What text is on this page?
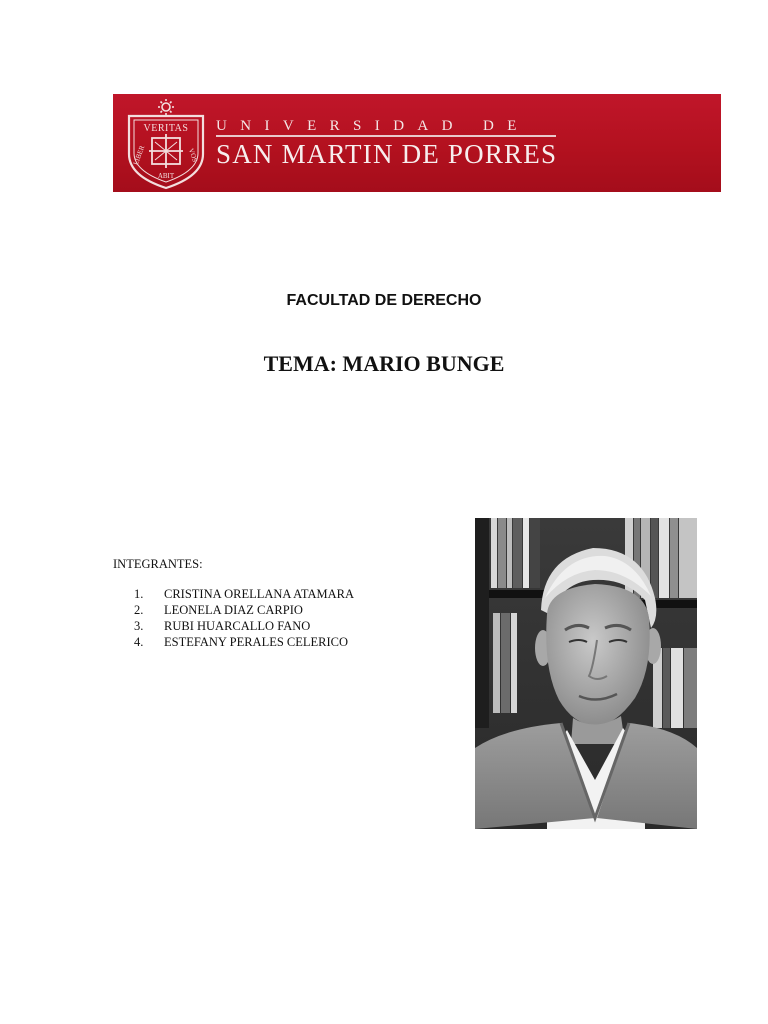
VERITAS
LIBER	VOS
ABIT
UNIVERSIDAD DE
SAN MARTIN DE PORRES
FACULTAD DE DERECHO
TEMA: MARIO BUNGE
INTEGRANTES:
1.	CRISTINA ORELLANA ATAMARA
2.	LEONELA DIAZ CARPIO
3.	RUBI HUARCALLO FANO
4.	ESTEFANY PERALES CELERICO
